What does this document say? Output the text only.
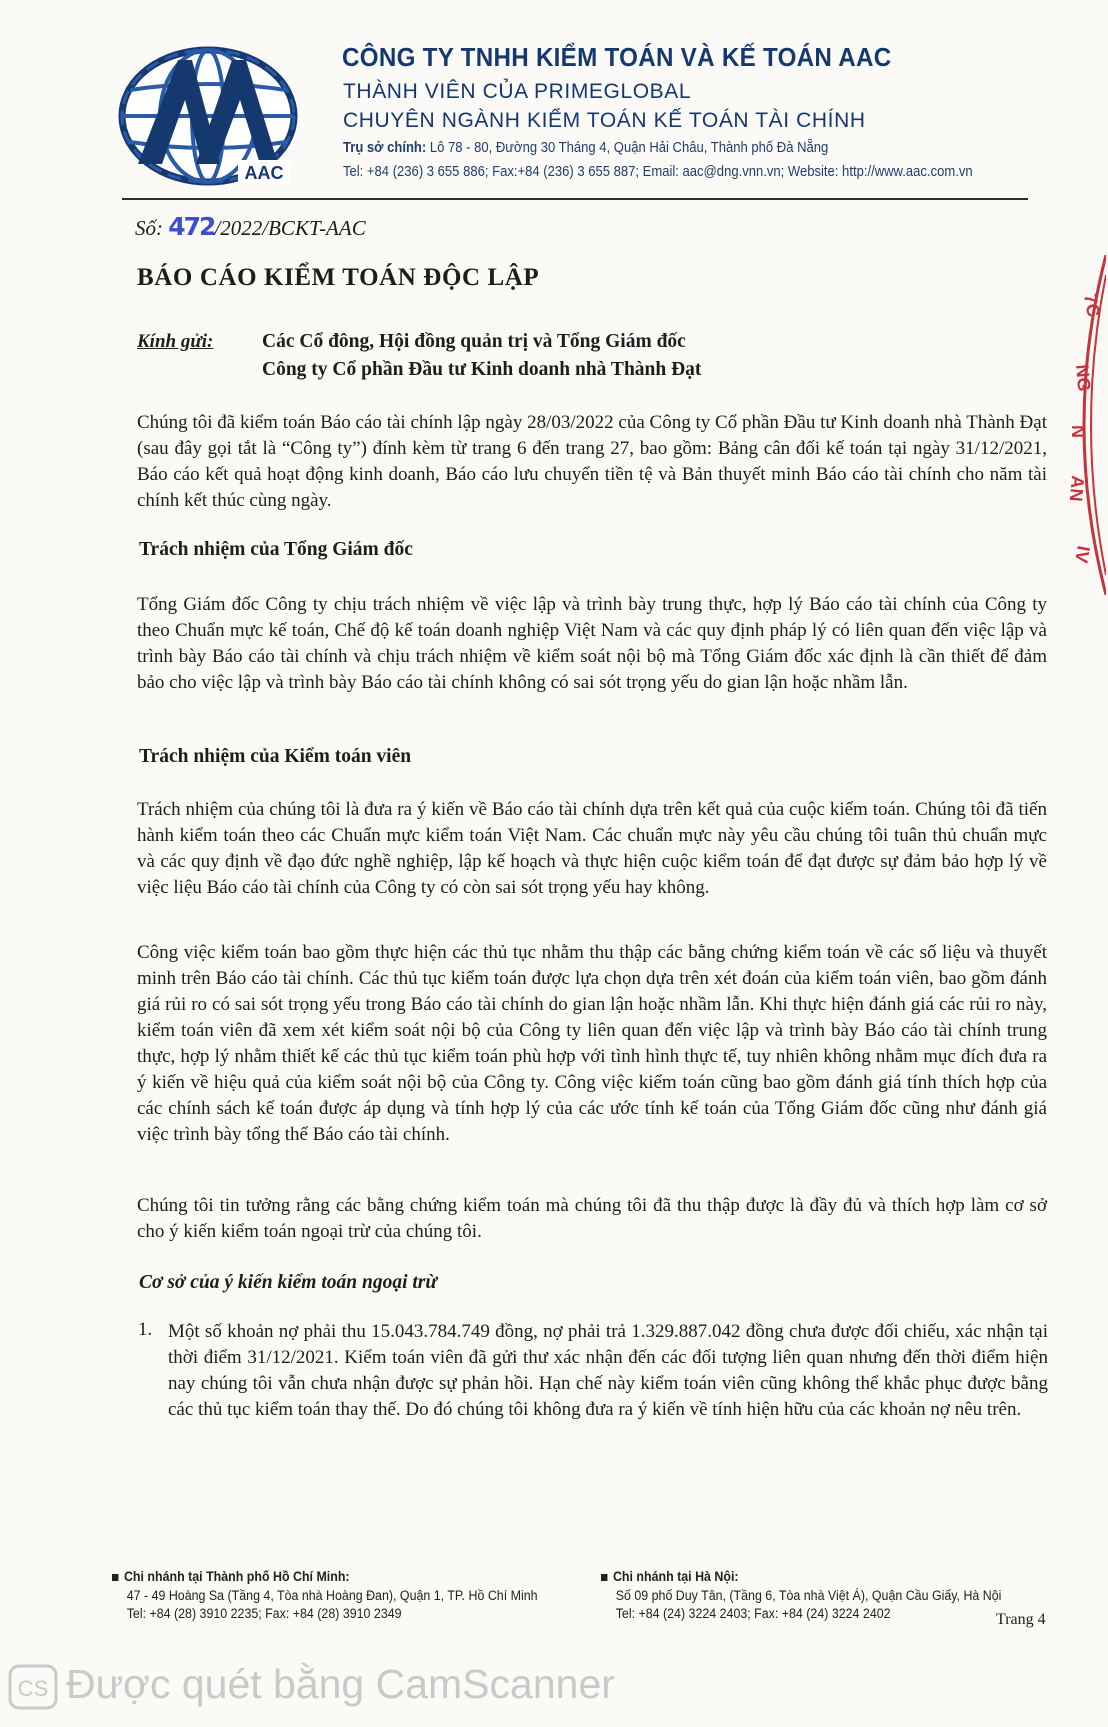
AAC
CÔNG TY TNHH KIỂM TOÁN VÀ KẾ TOÁN AAC
THÀNH VIÊN CỦA PRIMEGLOBAL
CHUYÊN NGÀNH KIỂM TOÁN KẾ TOÁN TÀI CHÍNH
Trụ sở chính: Lô 78 - 80, Đường 30 Tháng 4, Quận Hải Châu, Thành phố Đà Nẵng
Tel: +84 (236) 3 655 886; Fax:+84 (236) 3 655 887; Email: aac@dng.vnn.vn; Website: http://www.aac.com.vn
Số: 472/2022/BCKT-AAC
BÁO CÁO KIỂM TOÁN ĐỘC LẬP
Kính gửi: Các Cổ đông, Hội đồng quản trị và Tổng Giám đốc
Công ty Cổ phần Đầu tư Kinh doanh nhà Thành Đạt

Chúng tôi đã kiểm toán Báo cáo tài chính lập ngày 28/03/2022 của Công ty Cổ phần Đầu tư Kinh doanh nhà Thành Đạt (sau đây gọi tắt là “Công ty”) đính kèm từ trang 6 đến trang 27, bao gồm: Bảng cân đối kế toán tại ngày 31/12/2021, Báo cáo kết quả hoạt động kinh doanh, Báo cáo lưu chuyển tiền tệ và Bản thuyết minh Báo cáo tài chính cho năm tài chính kết thúc cùng ngày.

Trách nhiệm của Tổng Giám đốc

Tổng Giám đốc Công ty chịu trách nhiệm về việc lập và trình bày trung thực, hợp lý Báo cáo tài chính của Công ty theo Chuẩn mực kế toán, Chế độ kế toán doanh nghiệp Việt Nam và các quy định pháp lý có liên quan đến việc lập và trình bày Báo cáo tài chính và chịu trách nhiệm về kiểm soát nội bộ mà Tổng Giám đốc xác định là cần thiết để đảm bảo cho việc lập và trình bày Báo cáo tài chính không có sai sót trọng yếu do gian lận hoặc nhầm lẫn.

Trách nhiệm của Kiểm toán viên

Trách nhiệm của chúng tôi là đưa ra ý kiến về Báo cáo tài chính dựa trên kết quả của cuộc kiểm toán. Chúng tôi đã tiến hành kiểm toán theo các Chuẩn mực kiểm toán Việt Nam. Các chuẩn mực này yêu cầu chúng tôi tuân thủ chuẩn mực và các quy định về đạo đức nghề nghiệp, lập kế hoạch và thực hiện cuộc kiểm toán để đạt được sự đảm bảo hợp lý về việc liệu Báo cáo tài chính của Công ty có còn sai sót trọng yếu hay không.

Công việc kiểm toán bao gồm thực hiện các thủ tục nhằm thu thập các bằng chứng kiểm toán về các số liệu và thuyết minh trên Báo cáo tài chính. Các thủ tục kiểm toán được lựa chọn dựa trên xét đoán của kiểm toán viên, bao gồm đánh giá rủi ro có sai sót trọng yếu trong Báo cáo tài chính do gian lận hoặc nhầm lẫn. Khi thực hiện đánh giá các rủi ro này, kiểm toán viên đã xem xét kiểm soát nội bộ của Công ty liên quan đến việc lập và trình bày Báo cáo tài chính trung thực, hợp lý nhằm thiết kế các thủ tục kiểm toán phù hợp với tình hình thực tế, tuy nhiên không nhằm mục đích đưa ra ý kiến về hiệu quả của kiểm soát nội bộ của Công ty. Công việc kiểm toán cũng bao gồm đánh giá tính thích hợp của các chính sách kế toán được áp dụng và tính hợp lý của các ước tính kế toán của Tổng Giám đốc cũng như đánh giá việc trình bày tổng thể Báo cáo tài chính.

Chúng tôi tin tưởng rằng các bằng chứng kiểm toán mà chúng tôi đã thu thập được là đầy đủ và thích hợp làm cơ sở cho ý kiến kiểm toán ngoại trừ của chúng tôi.

Cơ sở của ý kiến kiểm toán ngoại trừ
1. Một số khoản nợ phải thu 15.043.784.749 đồng, nợ phải trả 1.329.887.042 đồng chưa được đối chiếu, xác nhận tại thời điểm 31/12/2021. Kiểm toán viên đã gửi thư xác nhận đến các đối tượng liên quan nhưng đến thời điểm hiện nay chúng tôi vẫn chưa nhận được sự phản hồi. Hạn chế này kiểm toán viên cũng không thể khắc phục được bằng các thủ tục kiểm toán thay thế. Do đó chúng tôi không đưa ra ý kiến về tính hiện hữu của các khoản nợ nêu trên.

Chi nhánh tại Thành phố Hồ Chí Minh:
47 - 49 Hoàng Sa (Tầng 4, Tòa nhà Hoàng Đan), Quận 1, TP. Hồ Chí Minh
Tel: +84 (28) 3910 2235; Fax: +84 (28) 3910 2349
Chi nhánh tại Hà Nội:
Số 09 phố Duy Tân, (Tầng 6, Tòa nhà Việt Á), Quận Cầu Giấy, Hà Nội
Tel: +84 (24) 3224 2403; Fax: +84 (24) 3224 2402	Trang 4
7C
NG
N
AN
IV
CS Được quét bằng CamScanner
